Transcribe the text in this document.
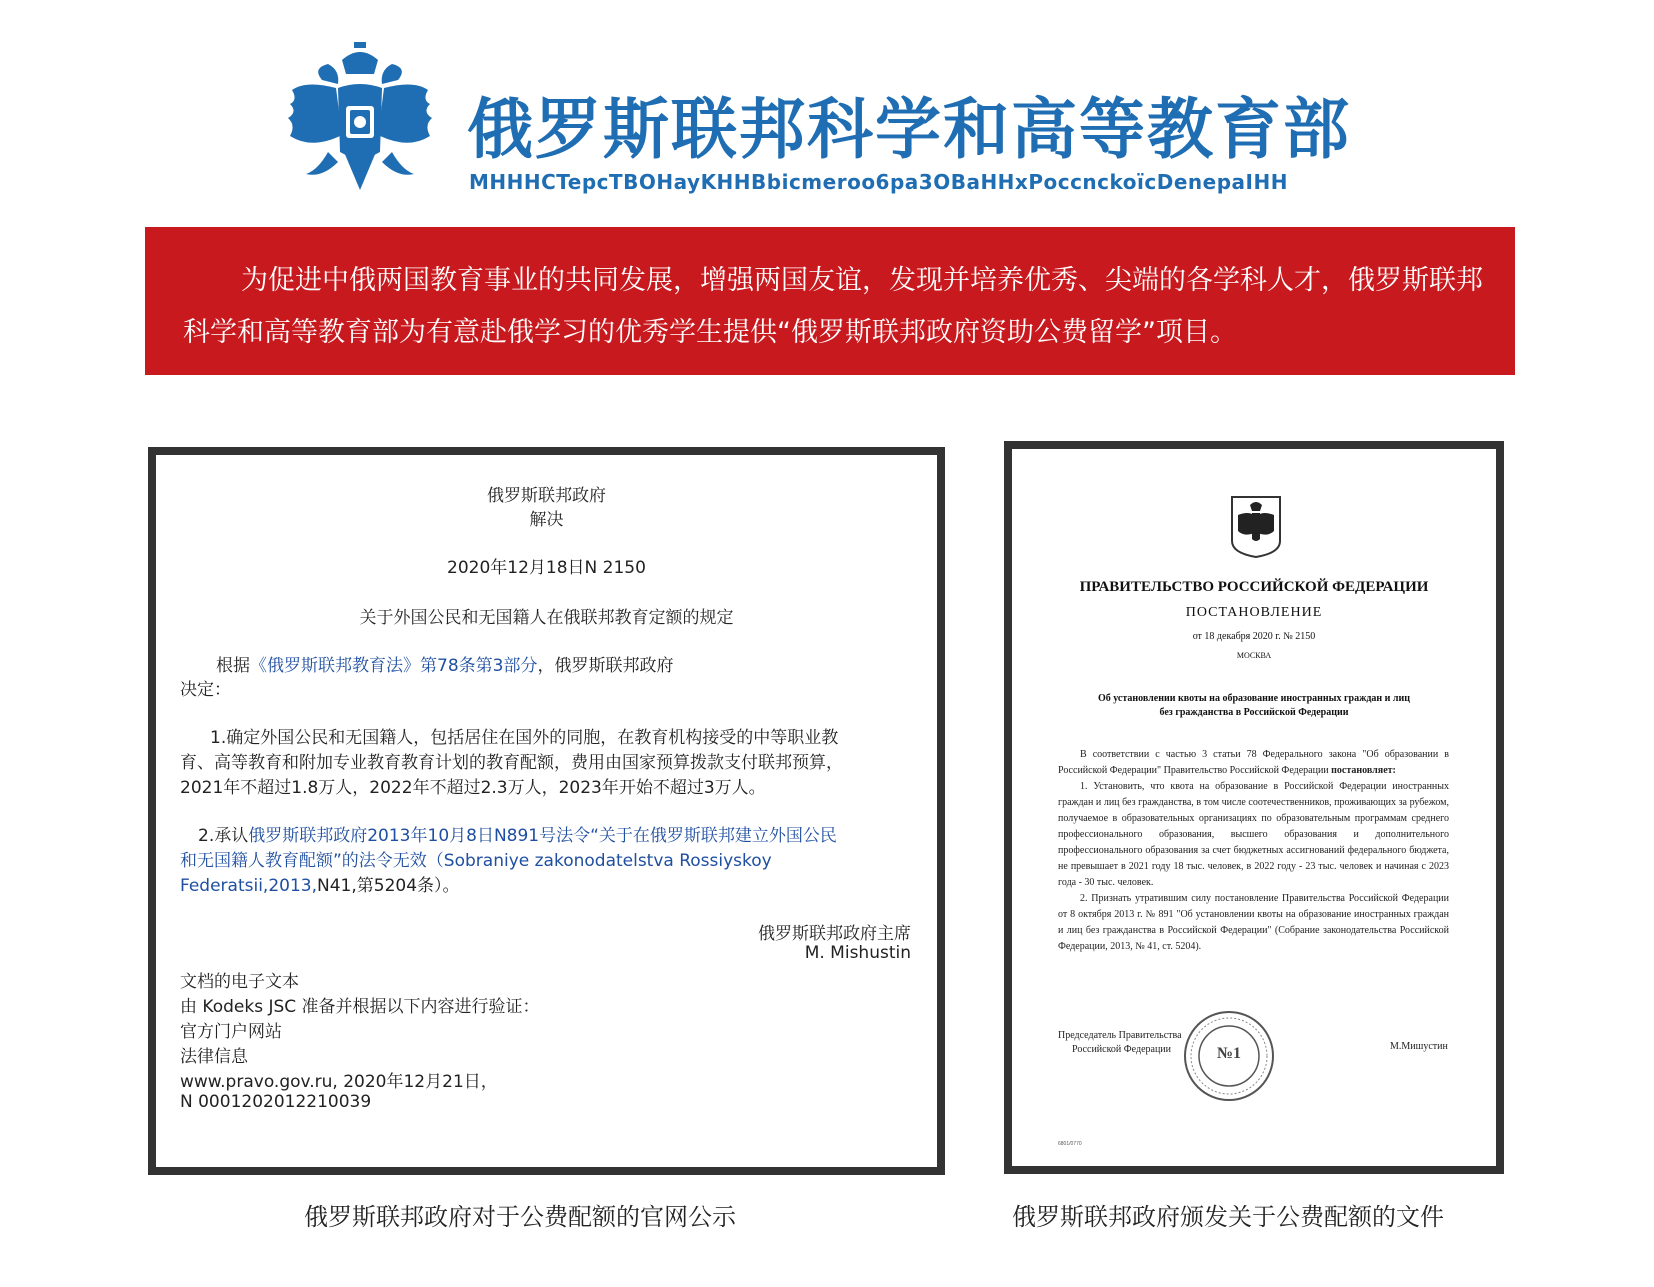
俄罗斯联邦科学和高等教育部
MHHHCTepcTBOHayKHHBbicmeroo6pa3OBaHHxPoccnckoïcDenepaIHH

为促进中俄两国教育事业的共同发展，增强两国友谊，发现并培养优秀、尖端的各学科人才，俄罗斯联邦科学和高等教育部为有意赴俄学习的优秀学生提供“俄罗斯联邦政府资助公费留学”项目。

俄罗斯联邦政府
解决
2020年12月18日N 2150
关于外国公民和无国籍人在俄联邦教育定额的规定
根据《俄罗斯联邦教育法》第78条第3部分，俄罗斯联邦政府
决定：
1.确定外国公民和无国籍人，包括居住在国外的同胞，在教育机构接受的中等职业教
育、高等教育和附加专业教育教育计划的教育配额，费用由国家预算拨款支付联邦预算，
2021年不超过1.8万人，2022年不超过2.3万人，2023年开始不超过3万人。
2.承认俄罗斯联邦政府2013年10月8日N891号法令“关于在俄罗斯联邦建立外国公民
和无国籍人教育配额”的法令无效（Sobraniye zakonodatelstva Rossiyskoy
Federatsii,2013,N41,第5204条）。
俄罗斯联邦政府主席
M. Mishustin
文档的电子文本
由 Kodeks JSC 准备并根据以下内容进行验证：
官方门户网站
法律信息
www.pravo.gov.ru, 2020年12月21日，
N 0001202012210039
ПРАВИТЕЛЬСТВО РОССИЙСКОЙ ФЕДЕРАЦИИ
ПОСТАНОВЛЕНИЕ
от 18 декабря 2020 г. № 2150
МОСКВА
Об установлении квоты на образование иностранных граждан и лиц
без гражданства в Российской Федерации

В соответствии с частью 3 статьи 78 Федерального закона "Об образовании в Российской Федерации" Правительство Российской Федерации постановляет:

1. Установить, что квота на образование в Российской Федерации иностранных граждан и лиц без гражданства, в том числе соотечественников, проживающих за рубежом, получаемое в образовательных организациях по образовательным программам среднего профессионального образования, высшего образования и дополнительного профессионального образования за счет бюджетных ассигнований федерального бюджета, не превышает в 2021 году 18 тыс. человек, в 2022 году - 23 тыс. человек и начиная с 2023 года - 30 тыс. человек.

2. Признать утратившим силу постановление Правительства Российской Федерации от 8 октября 2013 г. № 891 "Об установлении квоты на образование иностранных граждан и лиц без гражданства в Российской Федерации" (Собрание законодательства Российской Федерации, 2013, № 41, ст. 5204).

Председатель Правительства
Российской Федерации	М.Мишустин
№1
6801/0770
俄罗斯联邦政府对于公费配额的官网公示	俄罗斯联邦政府颁发关于公费配额的文件
